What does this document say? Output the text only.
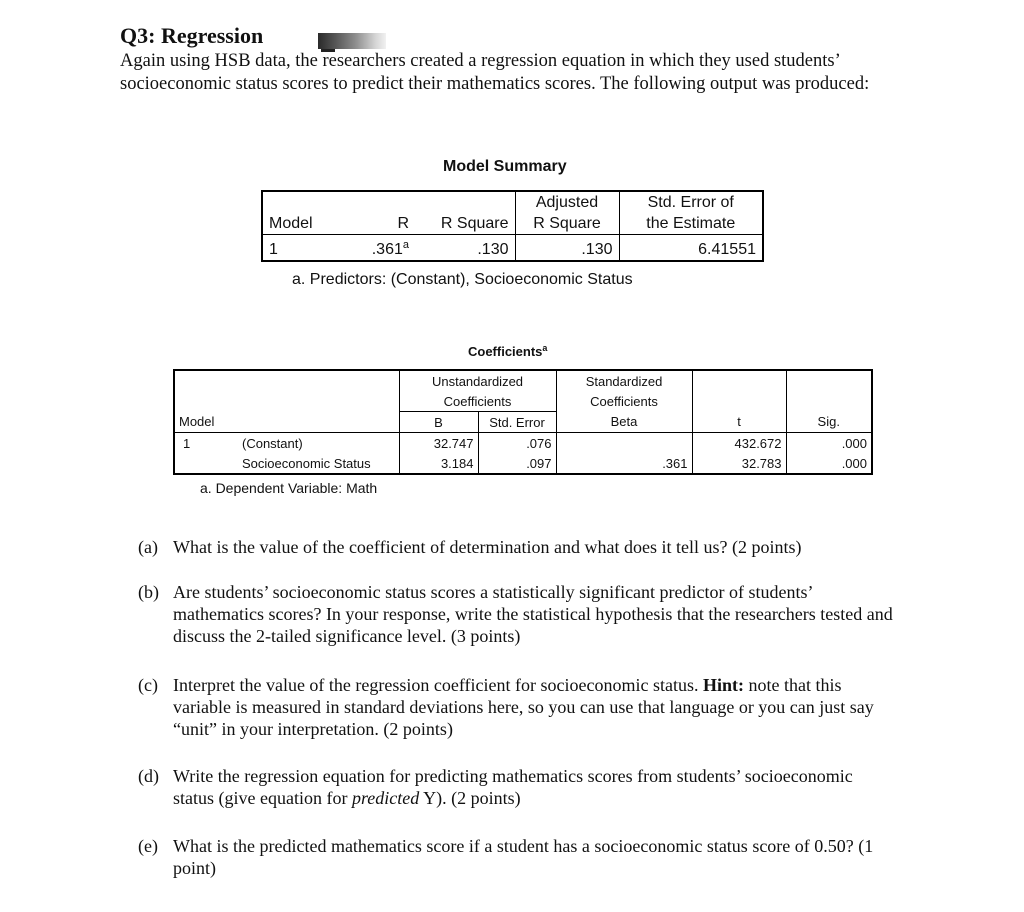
Q3: Regression
Again using HSB data, the researchers created a regression equation in which they used students’ socioeconomic status scores to predict their mathematics scores. The following output was produced:
Model Summary
			Adjusted	Std. Error of
Model	R	R Square	R Square	the Estimate
1	.361$^a$	.130	.130	6.41551
a. Predictors: (Constant), Socioeconomic Status
Coefficients$^a$
		Unstandardized		Standardized		
		Coefficients		Coefficients		
Model		B	Std. Error	Beta	t	Sig.
1	(Constant)	32.747	.076		432.672	.000
	Socioeconomic Status	3.184	.097	.361	32.783	.000
a. Dependent Variable: Math
(a) What is the value of the coefficient of determination and what does it tell us? (2 points)
(b) Are students’ socioeconomic status scores a statistically significant predictor of students’ mathematics scores? In your response, write the statistical hypothesis that the researchers tested and discuss the 2-tailed significance level. (3 points)
(c) Interpret the value of the regression coefficient for socioeconomic status. Hint: note that this variable is measured in standard deviations here, so you can use that language or you can just say “unit” in your interpretation. (2 points)
(d) Write the regression equation for predicting mathematics scores from students’ socioeconomic status (give equation for predicted Y). (2 points)
(e) What is the predicted mathematics score if a student has a socioeconomic status score of 0.50? (1 point)
